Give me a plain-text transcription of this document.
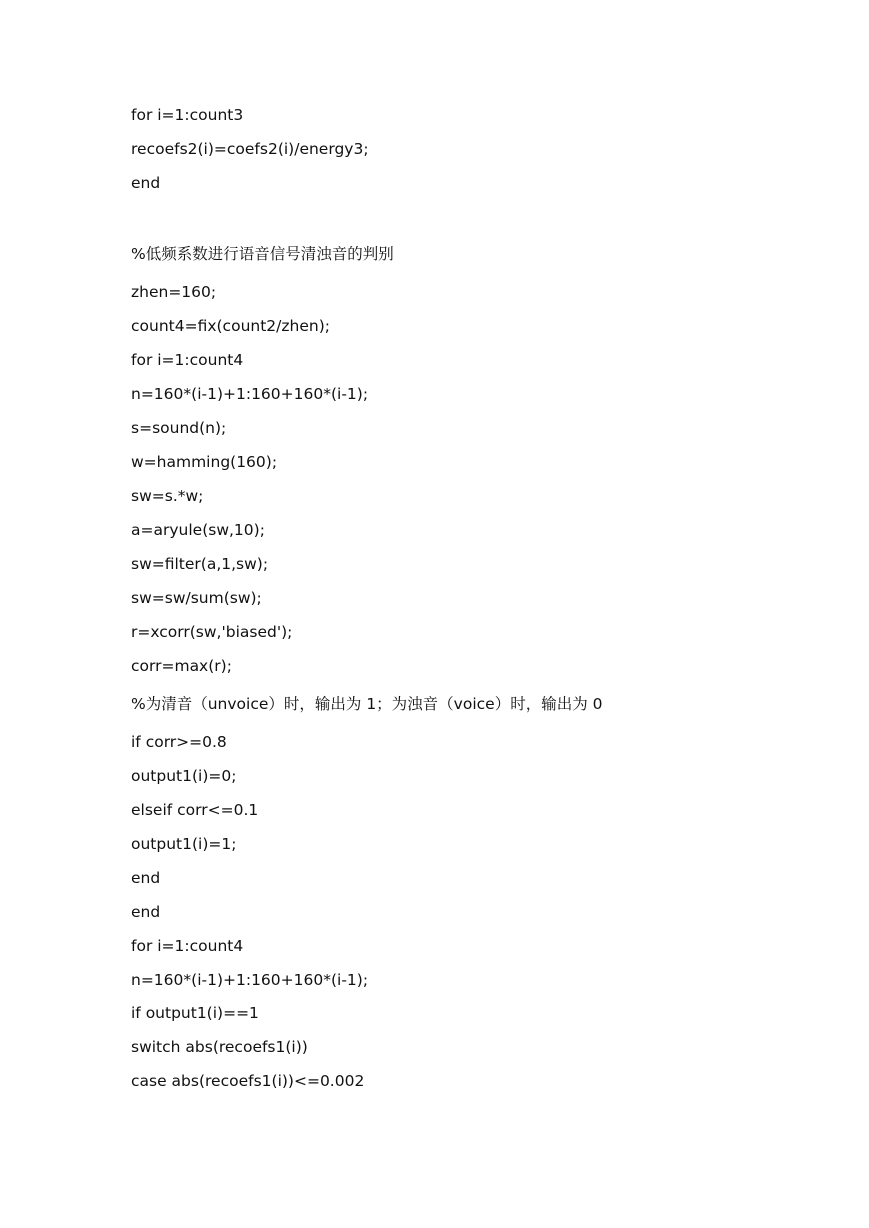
for i=1:count3
recoefs2(i)=coefs2(i)/energy3;
end
%低频系数进行语音信号清浊音的判别
zhen=160;
count4=fix(count2/zhen);
for i=1:count4
n=160*(i-1)+1:160+160*(i-1);
s=sound(n);
w=hamming(160);
sw=s.*w;
a=aryule(sw,10);
sw=filter(a,1,sw);
sw=sw/sum(sw);
r=xcorr(sw,'biased');
corr=max(r);
%为清音（unvoice）时，输出为 1；为浊音（voice）时，输出为 0
if corr>=0.8
output1(i)=0;
elseif corr<=0.1
output1(i)=1;
end
end
for i=1:count4
n=160*(i-1)+1:160+160*(i-1);
if output1(i)==1
switch abs(recoefs1(i))
case abs(recoefs1(i))<=0.002
